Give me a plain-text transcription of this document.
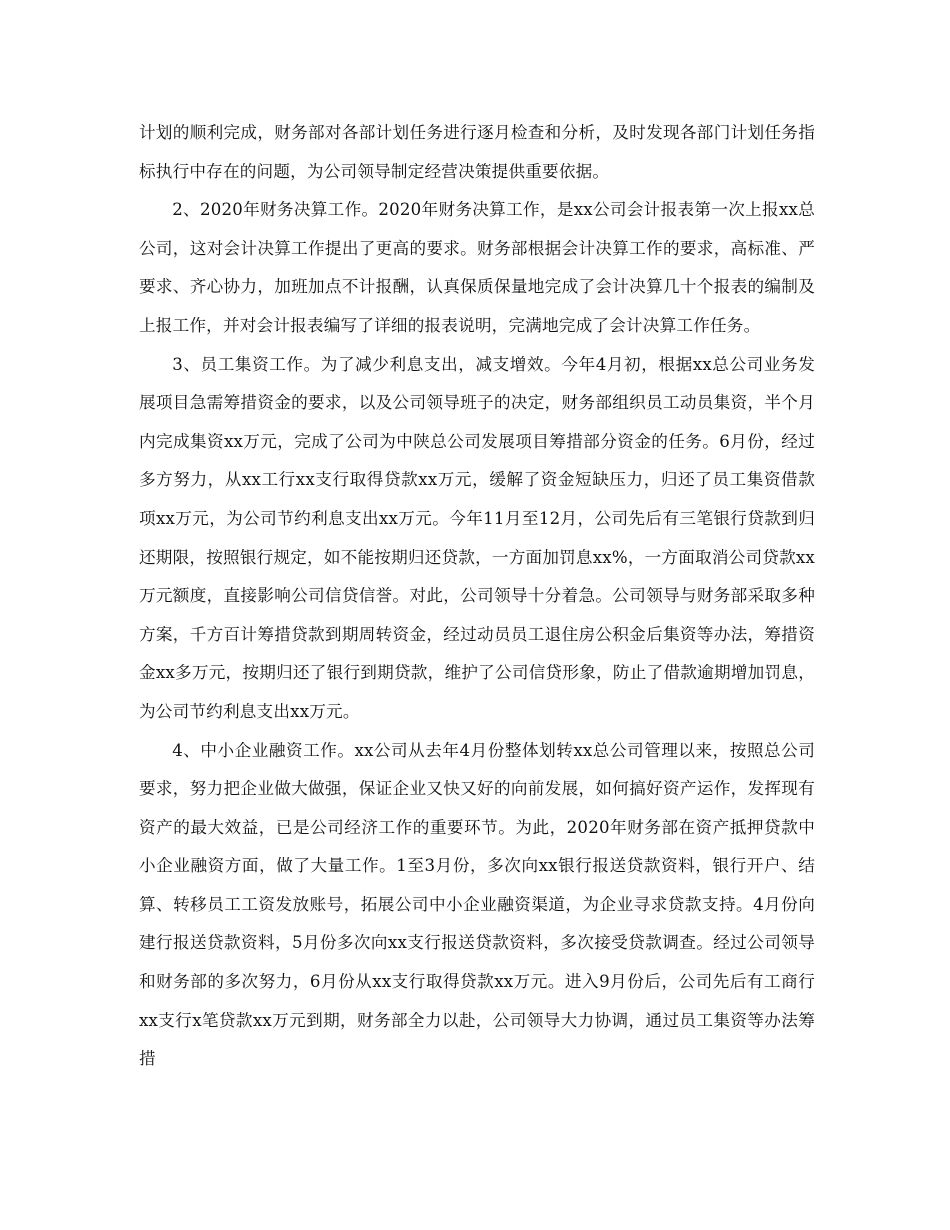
计划的顺利完成，财务部对各部计划任务进行逐月检查和分析，及时发现各部门计划任务指标执行中存在的问题，为公司领导制定经营决策提供重要依据。

2、2020年财务决算工作。2020年财务决算工作，是xx公司会计报表第一次上报xx总公司，这对会计决算工作提出了更高的要求。财务部根据会计决算工作的要求，高标准、严要求、齐心协力，加班加点不计报酬，认真保质保量地完成了会计决算几十个报表的编制及上报工作，并对会计报表编写了详细的报表说明，完满地完成了会计决算工作任务。

3、员工集资工作。为了减少利息支出，减支增效。今年4月初，根据xx总公司业务发展项目急需筹措资金的要求，以及公司领导班子的决定，财务部组织员工动员集资，半个月内完成集资xx万元，完成了公司为中陕总公司发展项目筹措部分资金的任务。6月份，经过多方努力，从xx工行xx支行取得贷款xx万元，缓解了资金短缺压力，归还了员工集资借款项xx万元，为公司节约利息支出xx万元。今年11月至12月，公司先后有三笔银行贷款到归还期限，按照银行规定，如不能按期归还贷款，一方面加罚息xx%，一方面取消公司贷款xx万元额度，直接影响公司信贷信誉。对此，公司领导十分着急。公司领导与财务部采取多种方案，千方百计筹措贷款到期周转资金，经过动员员工退住房公积金后集资等办法，筹措资金xx多万元，按期归还了银行到期贷款，维护了公司信贷形象，防止了借款逾期增加罚息，为公司节约利息支出xx万元。

4、中小企业融资工作。xx公司从去年4月份整体划转xx总公司管理以来，按照总公司要求，努力把企业做大做强，保证企业又快又好的向前发展，如何搞好资产运作，发挥现有资产的最大效益，已是公司经济工作的重要环节。为此，2020年财务部在资产抵押贷款中小企业融资方面，做了大量工作。1至3月份，多次向xx银行报送贷款资料，银行开户、结算、转移员工工资发放账号，拓展公司中小企业融资渠道，为企业寻求贷款支持。4月份向建行报送贷款资料，5月份多次向xx支行报送贷款资料，多次接受贷款调查。经过公司领导和财务部的多次努力，6月份从xx支行取得贷款xx万元。进入9月份后，公司先后有工商行xx支行x笔贷款xx万元到期，财务部全力以赴，公司领导大力协调，通过员工集资等办法筹措
